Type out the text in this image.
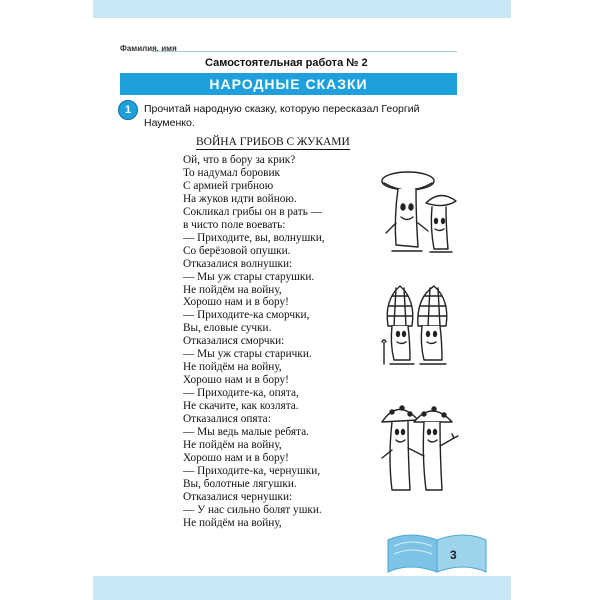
Фамилия, имя
Самостоятельная работа № 2
НАРОДНЫЕ СКАЗКИ
1	Прочитай народную сказку, которую пересказал Георгий Науменко.
ВОЙНА ГРИБОВ С ЖУКАМИ
Ой, что в бору за крик?
То надумал боровик
С армией грибною
На жуков идти войною.
Сокликал грибы он в рать —
в чисто поле воевать:
— Приходите, вы, волнушки,
Со берёзовой опушки.
Отказалися волнушки:
— Мы уж стары старушки.
Не пойдём на войну,
Хорошо нам и в бору!
— Приходите-ка сморчки,
Вы, еловые сучки.
Отказалися сморчки:
— Мы уж стары старички.
Не пойдём на войну,
Хорошо нам и в бору!
— Приходите-ка, опята,
Не скачите, как козлята.
Отказалися опята:
— Мы ведь малые ребята.
Не пойдём на войну,
Хорошо нам и в бору!
— Приходите-ка, чернушки,
Вы, болотные лягушки.
Отказалися чернушки:
— У нас сильно болят ушки.
Не пойдём на войну,
3
